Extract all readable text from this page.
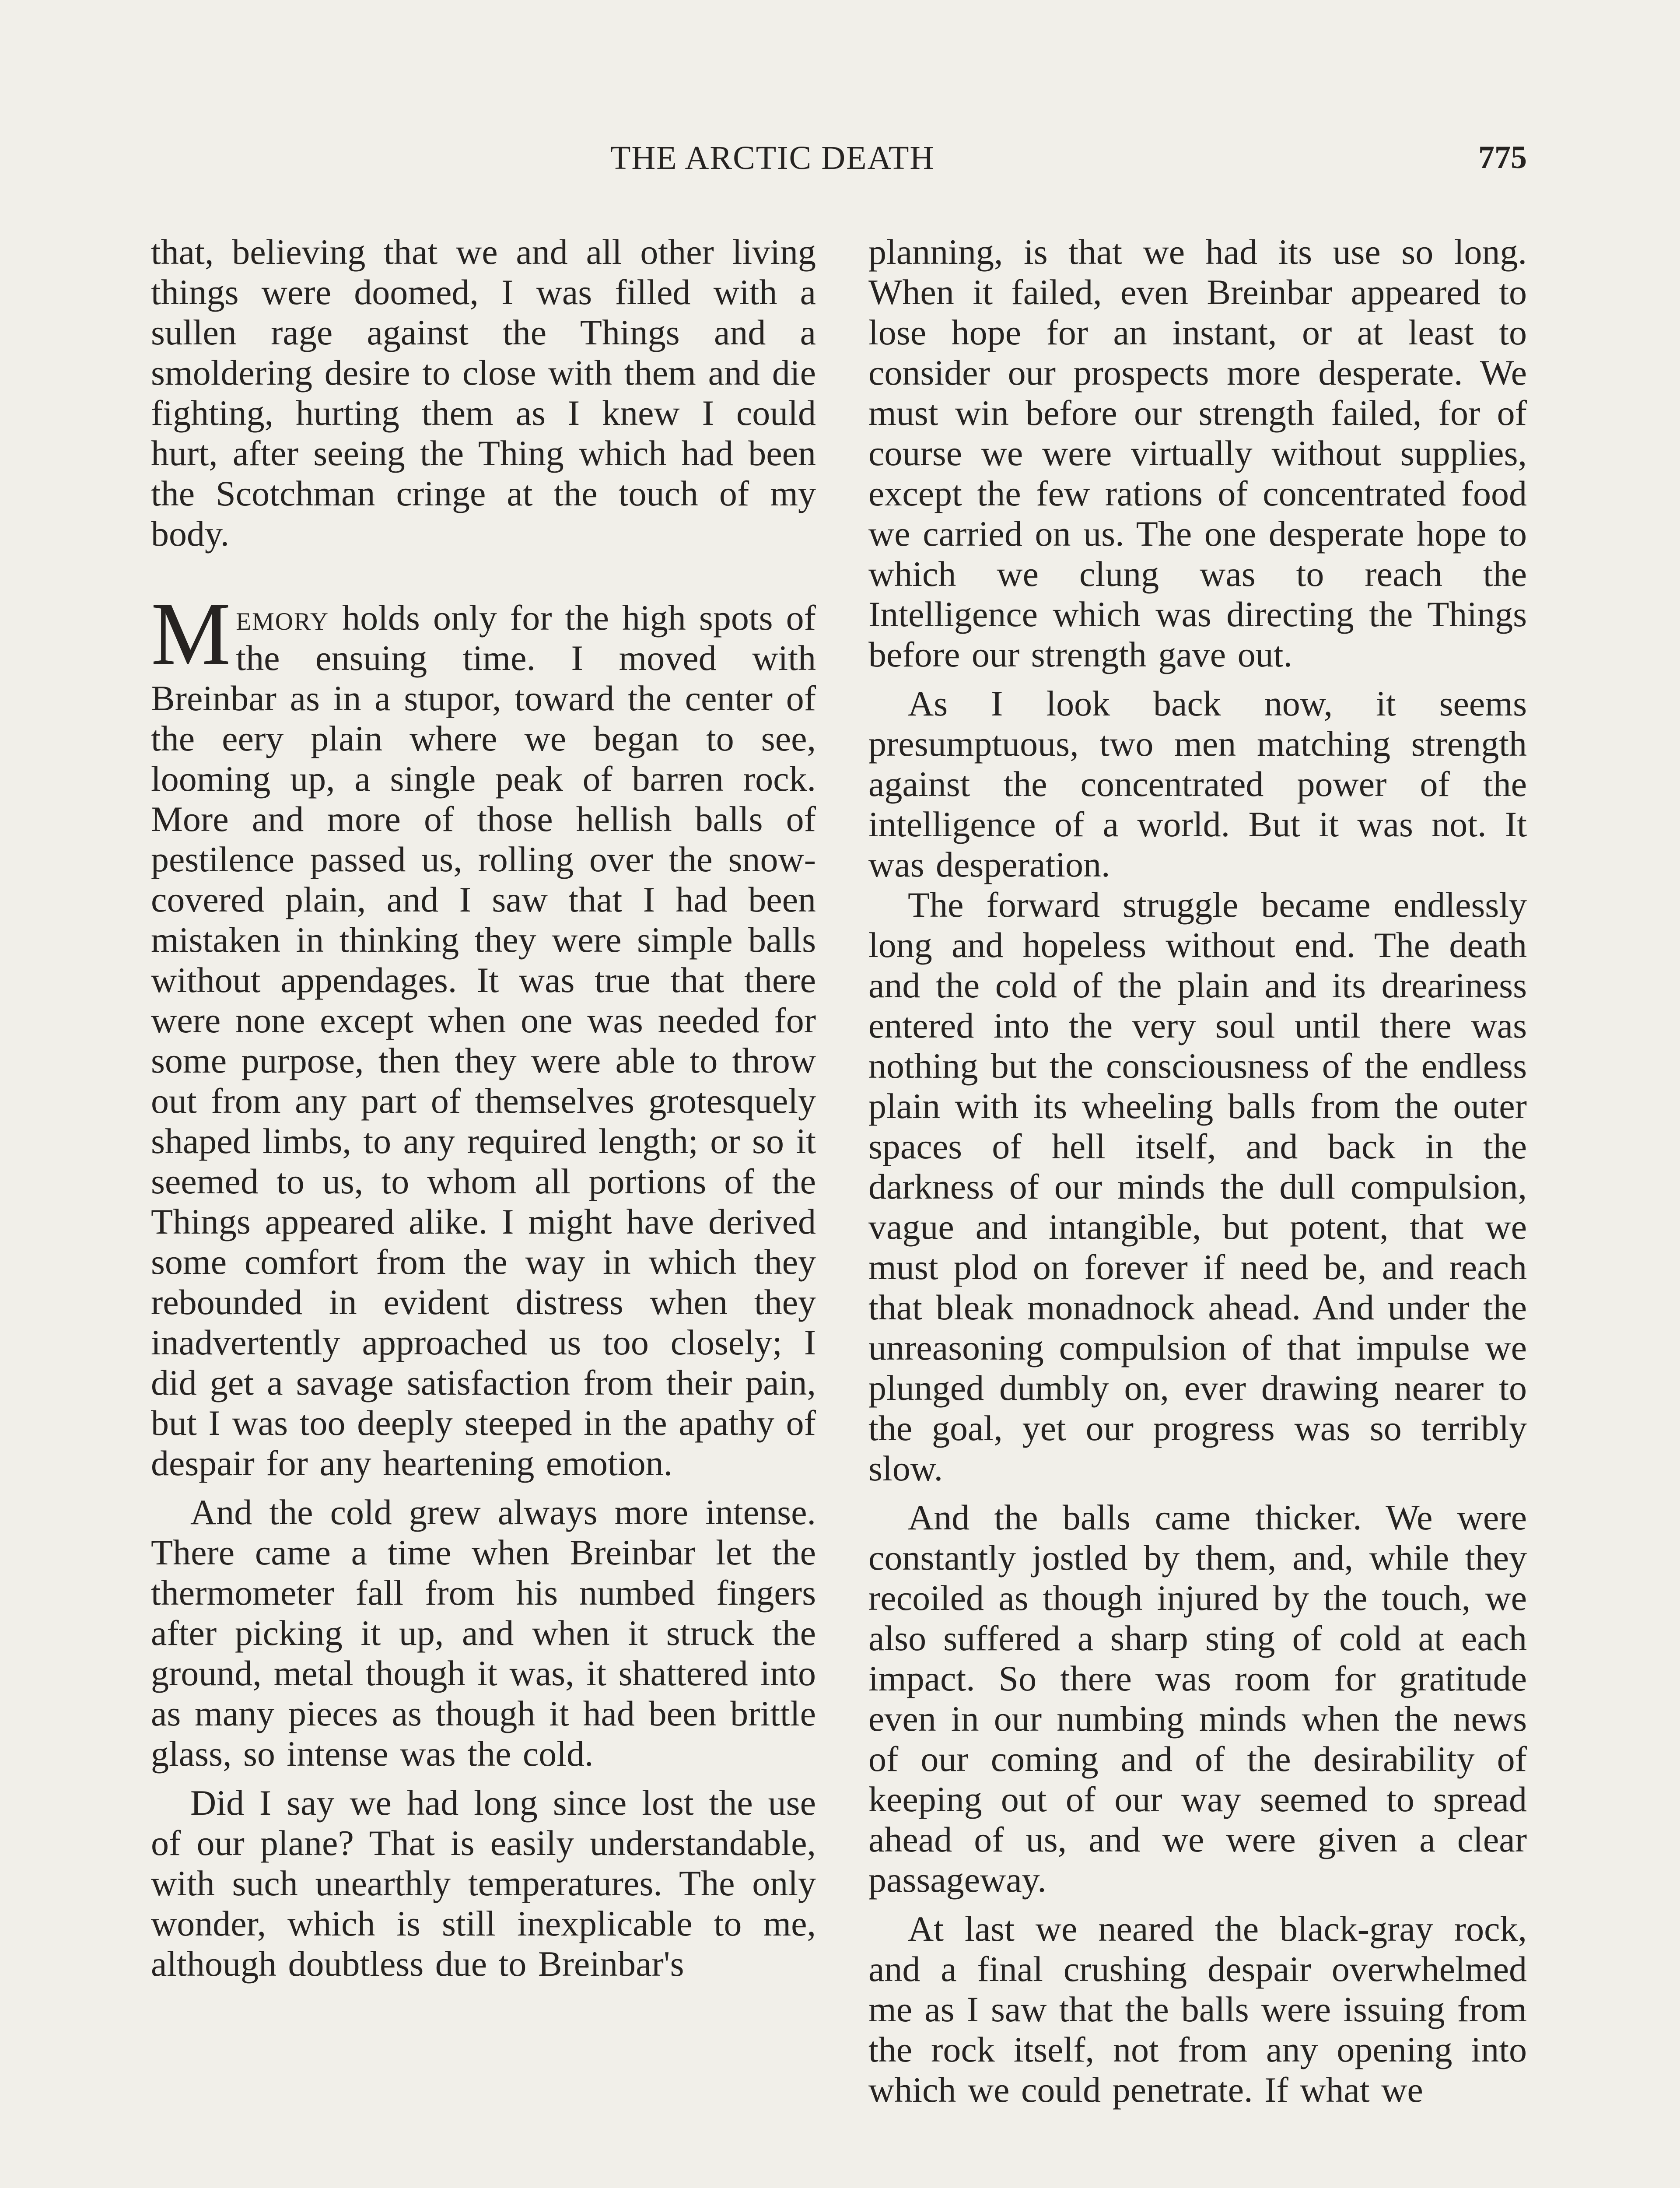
THE ARCTIC DEATH	775

that, believing that we and all other living things were doomed, I was filled with a sullen rage against the Things and a smoldering desire to close with them and die fighting, hurting them as I knew I could hurt, after seeing the Thing which had been the Scotchman cringe at the touch of my body.

Memory holds only for the high spots of the ensuing time. I moved with Breinbar as in a stupor, toward the center of the eery plain where we began to see, looming up, a single peak of barren rock. More and more of those hellish balls of pestilence passed us, rolling over the snow-covered plain, and I saw that I had been mistaken in thinking they were simple balls without appendages. It was true that there were none except when one was needed for some purpose, then they were able to throw out from any part of themselves grotesquely shaped limbs, to any required length; or so it seemed to us, to whom all portions of the Things appeared alike. I might have derived some comfort from the way in which they rebounded in evident distress when they inadvertently approached us too closely; I did get a savage satisfaction from their pain, but I was too deeply steeped in the apathy of despair for any heartening emotion.

And the cold grew always more intense. There came a time when Breinbar let the thermometer fall from his numbed fingers after picking it up, and when it struck the ground, metal though it was, it shattered into as many pieces as though it had been brittle glass, so intense was the cold.

Did I say we had long since lost the use of our plane? That is easily understandable, with such unearthly temperatures. The only wonder, which is still inexplicable to me, although doubtless due to Breinbar's

planning, is that we had its use so long. When it failed, even Breinbar appeared to lose hope for an instant, or at least to consider our prospects more desperate. We must win before our strength failed, for of course we were virtually without supplies, except the few rations of concentrated food we carried on us. The one desperate hope to which we clung was to reach the Intelligence which was directing the Things before our strength gave out.

As I look back now, it seems presumptuous, two men matching strength against the concentrated power of the intelligence of a world. But it was not. It was desperation.

The forward struggle became endlessly long and hopeless without end. The death and the cold of the plain and its dreariness entered into the very soul until there was nothing but the consciousness of the endless plain with its wheeling balls from the outer spaces of hell itself, and back in the darkness of our minds the dull compulsion, vague and intangible, but potent, that we must plod on forever if need be, and reach that bleak monadnock ahead. And under the unreasoning compulsion of that impulse we plunged dumbly on, ever drawing nearer to the goal, yet our progress was so terribly slow.

And the balls came thicker. We were constantly jostled by them, and, while they recoiled as though injured by the touch, we also suffered a sharp sting of cold at each impact. So there was room for gratitude even in our numbing minds when the news of our coming and of the desirability of keeping out of our way seemed to spread ahead of us, and we were given a clear passageway.

At last we neared the black-gray rock, and a final crushing despair overwhelmed me as I saw that the balls were issuing from the rock itself, not from any opening into which we could penetrate. If what we
